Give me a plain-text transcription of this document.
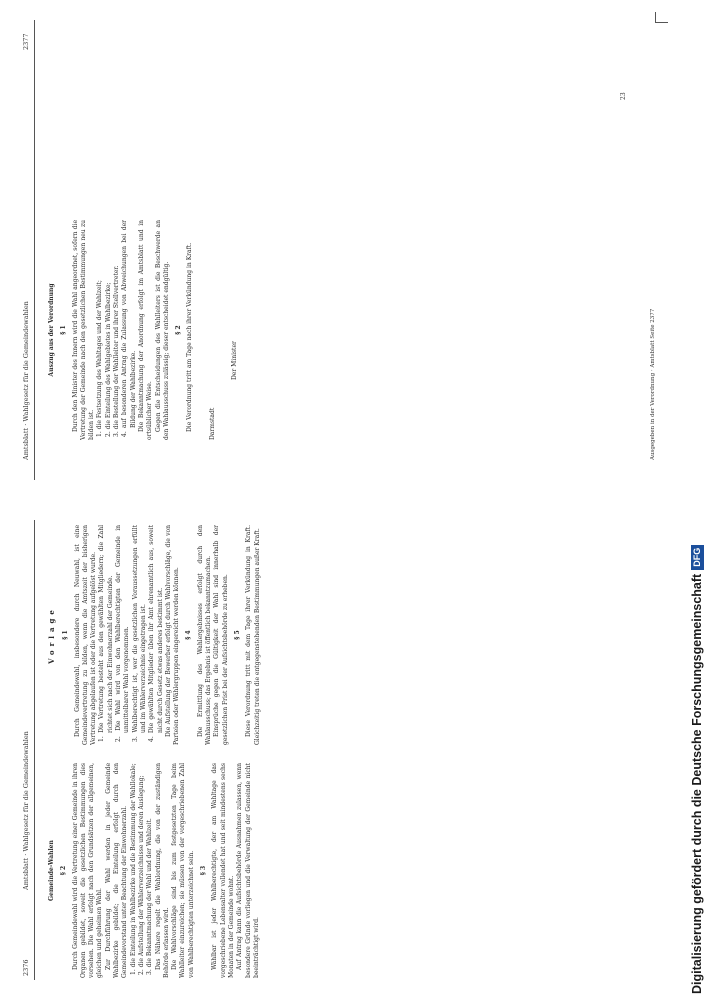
2376
Amtsblatt · Wahlgesetz für die Gemeindewahlen
Amtsblatt · Wahlgesetz für die Gemeindewahlen
2377

Gemeinde-Wahlen § 2 Durch Gemeindewahl wird die Vertretung einer Gemeinde in ihren Organen gebildet, soweit die gesetzlichen Bestimmungen dies vorsehen. Die Wahl erfolgt nach den Grundsätzen der allgemeinen, gleichen und geheimen Wahl. Zur Durchführung der Wahl werden in jeder Gemeinde Wahlbezirke gebildet; die Einteilung erfolgt durch den Gemeindevorstand unter Beachtung der Einwohnerzahl. 1. die Einteilung in Wahlbezirke und die Bestimmung der Wahllokale; 2. die Aufstellung der Wählerverzeichnisse und deren Auslegung; 3. die Bekanntmachung der Wahl und der Wahlzeit. Das Nähere regelt die Wahlordnung, die von der zuständigen Behörde erlassen wird. Die Wahlvorschläge sind bis zum festgesetzten Tage beim Wahlleiter einzureichen; sie müssen von der vorgeschriebenen Zahl von Wahlberechtigten unterzeichnet sein. § 3 Wählbar ist jeder Wahlberechtigte, der am Wahltage das vorgeschriebene Lebensalter vollendet hat und seit mindestens sechs Monaten in der Gemeinde wohnt. Auf Antrag kann die Aufsichtsbehörde Ausnahmen zulassen, wenn besondere Gründe vorliegen und die Verwaltung der Gemeinde nicht beeinträchtigt wird.

Vorlage § 1 Durch Gemeindewahl, insbesondere durch Neuwahl, ist eine Gemeindevertretung zu bilden, wenn die Amtszeit der bisherigen Vertretung abgelaufen ist oder die Vertretung aufgelöst wurde. 1. Die Vertretung besteht aus den gewählten Mitgliedern; die Zahl richtet sich nach der Einwohnerzahl der Gemeinde. 2. Die Wahl wird von den Wahlberechtigten der Gemeinde in unmittelbarer Wahl vorgenommen. 3. Wahlberechtigt ist, wer die gesetzlichen Voraussetzungen erfüllt und im Wählerverzeichnis eingetragen ist. 4. Die gewählten Mitglieder üben ihr Amt ehrenamtlich aus, soweit nicht durch Gesetz etwas anderes bestimmt ist. Die Aufstellung der Bewerber erfolgt durch Wahlvorschläge, die von Parteien oder Wählergruppen eingereicht werden können. § 4 Die Ermittlung des Wahlergebnisses erfolgt durch den Wahlausschuss; das Ergebnis ist öffentlich bekanntzumachen. Einsprüche gegen die Gültigkeit der Wahl sind innerhalb der gesetzlichen Frist bei der Aufsichtsbehörde zu erheben. § 5 Diese Verordnung tritt mit dem Tage ihrer Verkündung in Kraft. Gleichzeitig treten die entgegenstehenden Bestimmungen außer Kraft.

Auszug aus der Verordnung § 1 Durch den Minister des Innern wird die Wahl angeordnet, sofern die Vertretung der Gemeinde nach den gesetzlichen Bestimmungen neu zu bilden ist. 1. die Festsetzung des Wahltages und der Wahlzeit; 2. die Einteilung des Wahlgebietes in Wahlbezirke; 3. die Bestellung der Wahlleiter und ihrer Stellvertreter. 4. auf besonderen Antrag die Zulassung von Abweichungen bei der Bildung der Wahlbezirke. Die Bekanntmachung der Anordnung erfolgt im Amtsblatt und in ortsüblicher Weise. Gegen die Entscheidungen des Wahlleiters ist die Beschwerde an den Wahlausschuss zulässig; dieser entscheidet endgültig. § 2 Die Verordnung tritt am Tage nach ihrer Verkündung in Kraft.	Darmstadt

Der Minister	Ausgegeben in der Verordnung · Amtsblatt Seite 2377
23
Digitalisierung gefördert durch die Deutsche ForschungsgemeinschaftDFG
